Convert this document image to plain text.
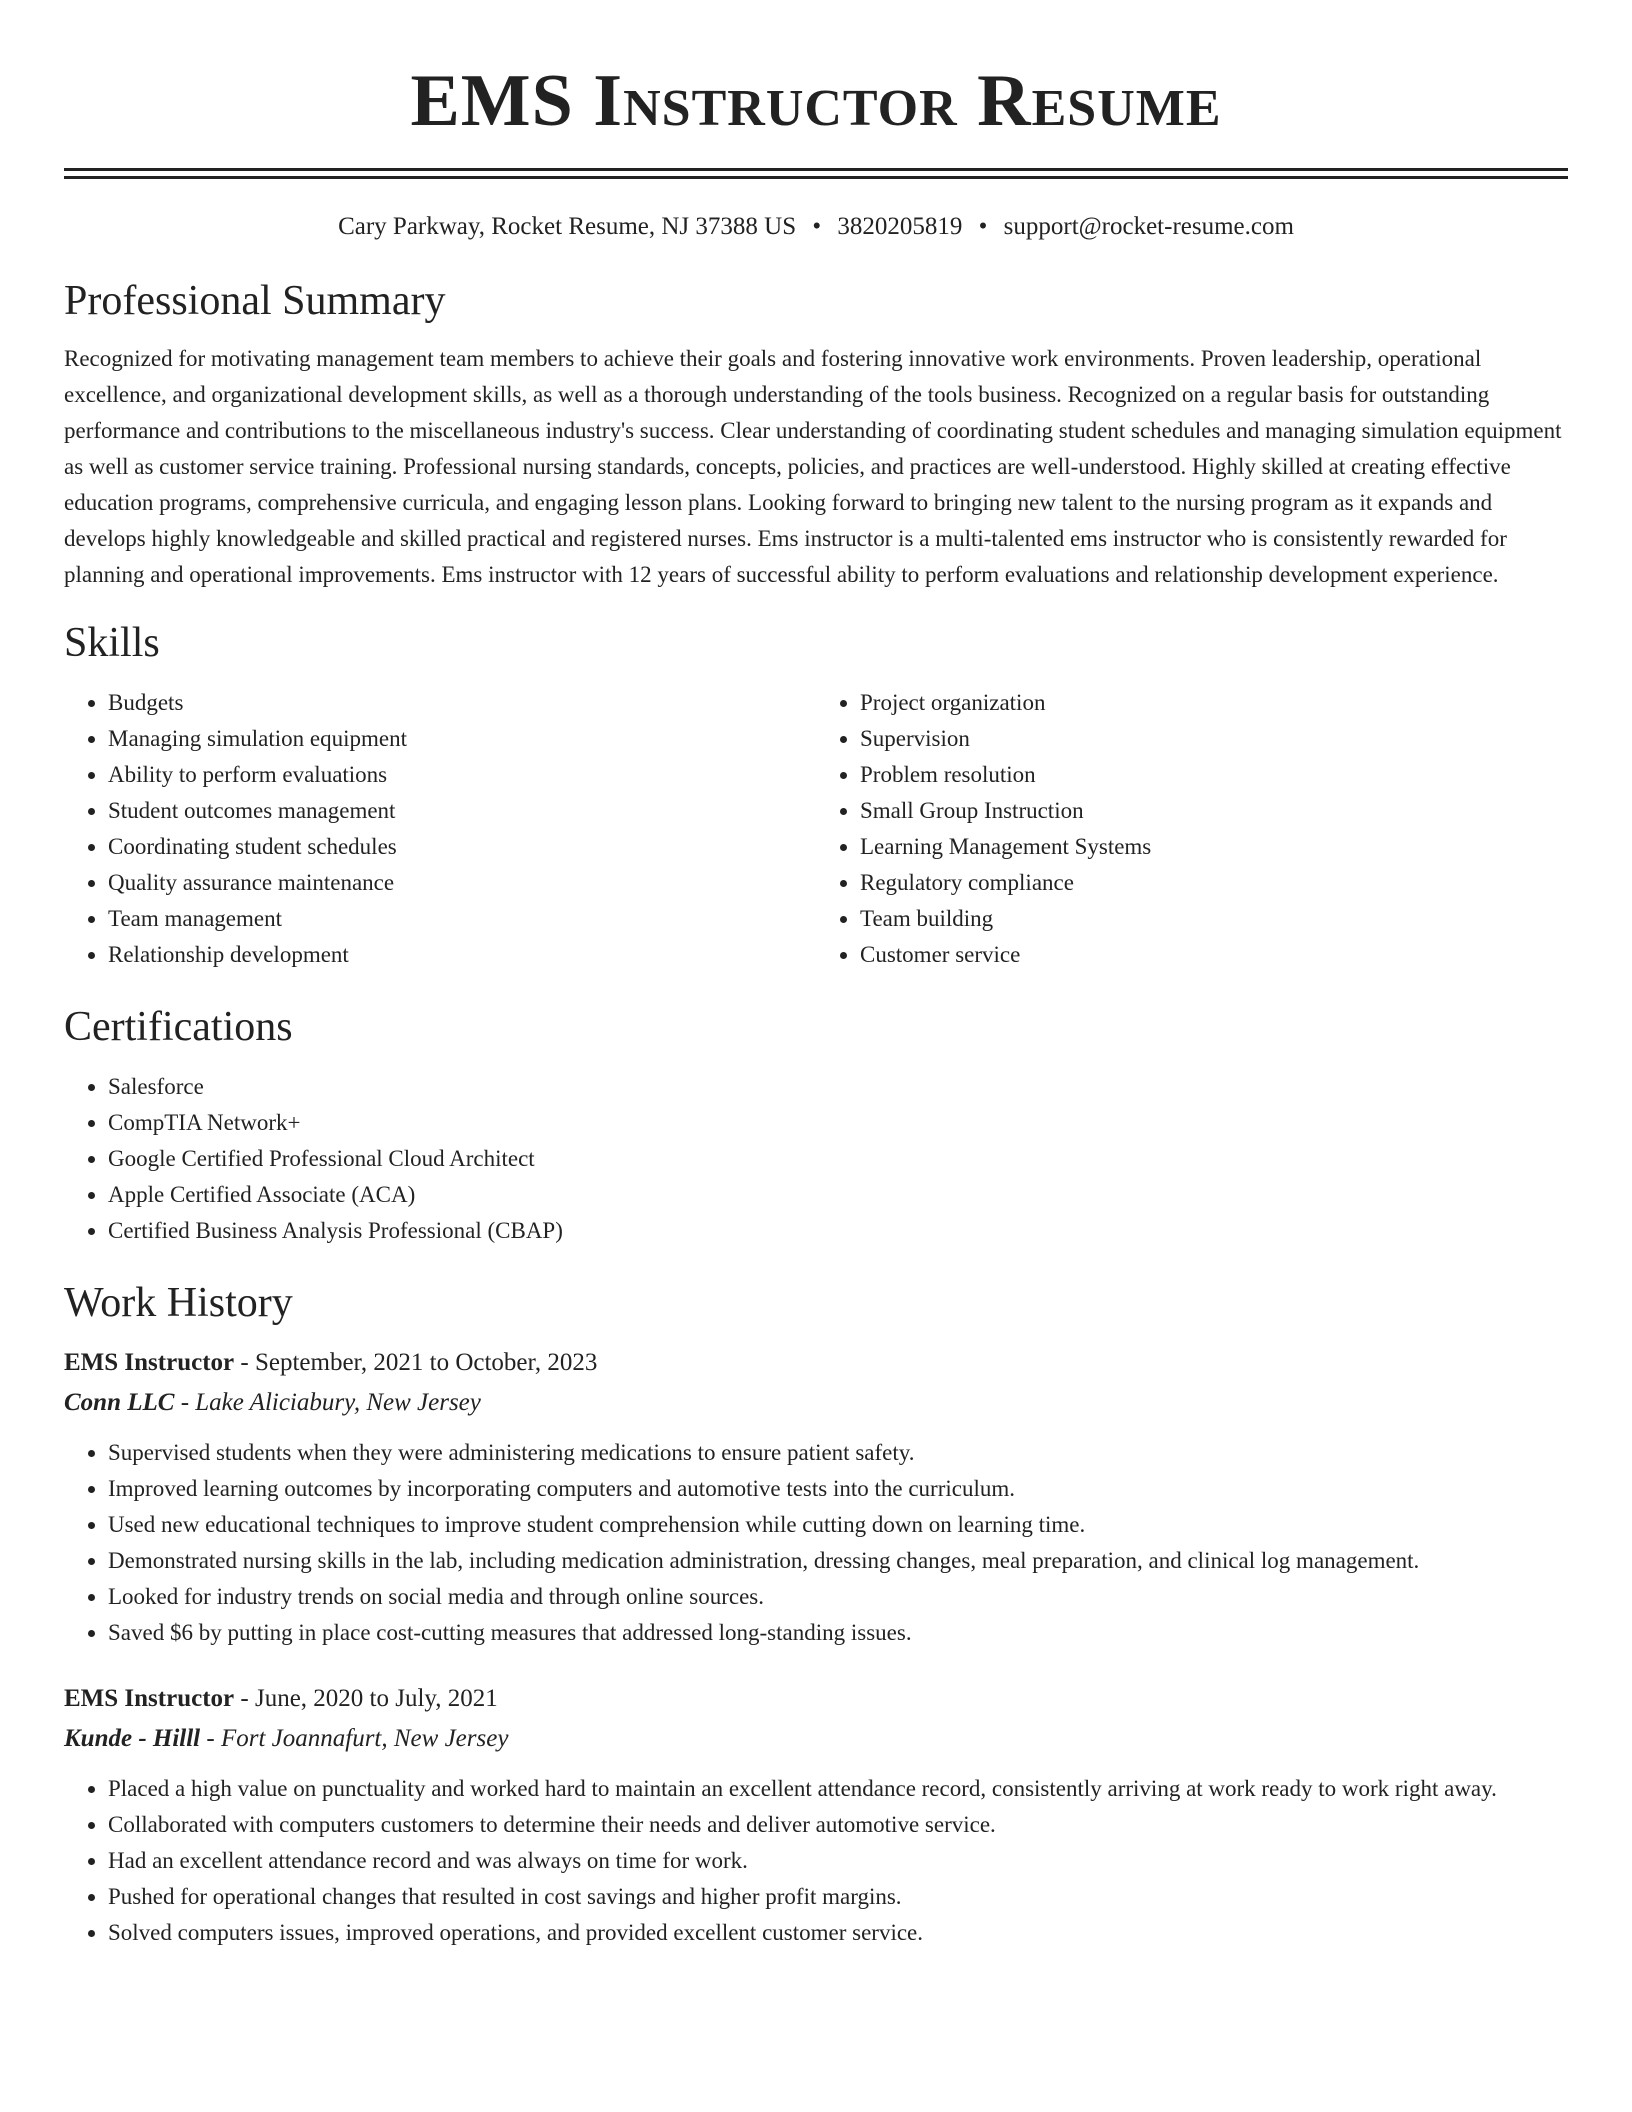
EMS Instructor Resume
Cary Parkway, Rocket Resume, NJ 37388 US • 3820205819 • support@rocket-resume.com
Professional Summary

Recognized for motivating management team members to achieve their goals and fostering innovative work environments. Proven leadership, operational excellence, and organizational development skills, as well as a thorough understanding of the tools business. Recognized on a regular basis for outstanding performance and contributions to the miscellaneous industry's success. Clear understanding of coordinating student schedules and managing simulation equipment as well as customer service training. Professional nursing standards, concepts, policies, and practices are well-understood. Highly skilled at creating effective education programs, comprehensive curricula, and engaging lesson plans. Looking forward to bringing new talent to the nursing program as it expands and develops highly knowledgeable and skilled practical and registered nurses. Ems instructor is a multi-talented ems instructor who is consistently rewarded for planning and operational improvements. Ems instructor with 12 years of successful ability to perform evaluations and relationship development experience.

Skills
• Budgets
• Managing simulation equipment
• Ability to perform evaluations
• Student outcomes management
• Coordinating student schedules
• Quality assurance maintenance
• Team management
• Relationship development
• Project organization
• Supervision
• Problem resolution
• Small Group Instruction
• Learning Management Systems
• Regulatory compliance
• Team building
• Customer service
Certifications
• Salesforce
• CompTIA Network+
• Google Certified Professional Cloud Architect
• Apple Certified Associate (ACA)
• Certified Business Analysis Professional (CBAP)
Work History
EMS Instructor - September, 2021 to October, 2023
Conn LLC - Lake Aliciabury, New Jersey
• Supervised students when they were administering medications to ensure patient safety.
• Improved learning outcomes by incorporating computers and automotive tests into the curriculum.
• Used new educational techniques to improve student comprehension while cutting down on learning time.
• Demonstrated nursing skills in the lab, including medication administration, dressing changes, meal preparation, and clinical log management.
• Looked for industry trends on social media and through online sources.
• Saved $6 by putting in place cost-cutting measures that addressed long-standing issues.
EMS Instructor - June, 2020 to July, 2021
Kunde - Hilll - Fort Joannafurt, New Jersey
• Placed a high value on punctuality and worked hard to maintain an excellent attendance record, consistently arriving at work ready to work right away.
• Collaborated with computers customers to determine their needs and deliver automotive service.
• Had an excellent attendance record and was always on time for work.
• Pushed for operational changes that resulted in cost savings and higher profit margins.
• Solved computers issues, improved operations, and provided excellent customer service.
